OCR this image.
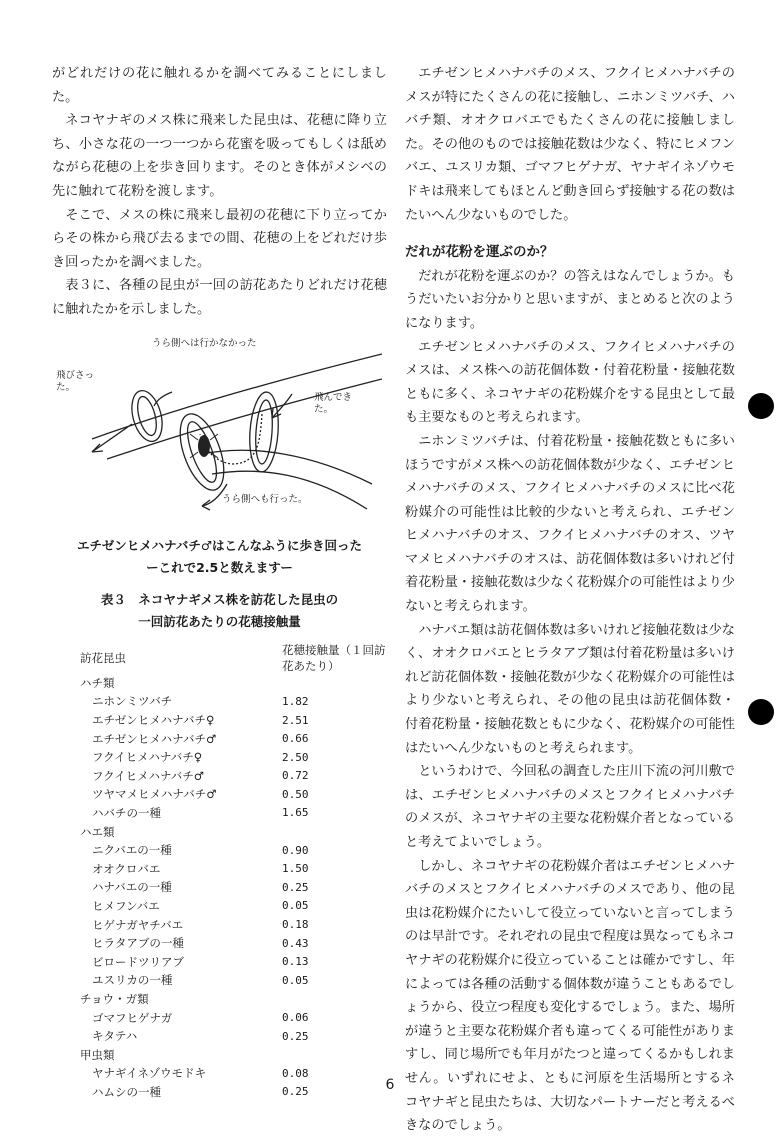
がどれだけの花に触れるかを調べてみることにしました。

ネコヤナギのメス株に飛来した昆虫は、花穂に降り立ち、小さな花の一つ一つから花蜜を吸ってもしくは舐めながら花穂の上を歩き回ります。そのとき体がメシベの先に触れて花粉を渡します。

そこで、メスの株に飛来し最初の花穂に下り立ってからその株から飛び去るまでの間、花穂の上をどれだけ歩き回ったかを調べました。

表３に、各種の昆虫が一回の訪花あたりどれだけ花穂に触れたかを示しました。

うら側へは行かなかった
飛びさった。
飛んできた。
うら側へも行った。
エチゼンヒメハナバチ♂はこんなふうに歩き回った
ーこれで2.5と数えますー
表３　ネコヤナギメス株を訪花した昆虫の
一回訪花あたりの花穂接触量
訪花昆虫	花穂接触量（１回訪花あたり）
ハチ類	
ニホンミツバチ	1.82
エチゼンヒメハナバチ♀	2.51
エチゼンヒメハナバチ♂	0.66
フクイヒメハナバチ♀	2.50
フクイヒメハナバチ♂	0.72
ツヤマメヒメハナバチ♂	0.50
ハバチの一種	1.65
ハエ類	
ニクバエの一種	0.90
オオクロバエ	1.50
ハナバエの一種	0.25
ヒメフンバエ	0.05
ヒゲナガヤチバエ	0.18
ヒラタアブの一種	0.43
ビロードツリアブ	0.13
ユスリカの一種	0.05
チョウ・ガ類	
ゴマフヒゲナガ	0.06
キタテハ	0.25
甲虫類	
ヤナギイネゾウモドキ	0.08
ハムシの一種	0.25

エチゼンヒメハナバチのメス、フクイヒメハナバチのメスが特にたくさんの花に接触し、ニホンミツバチ、ハバチ類、オオクロバエでもたくさんの花に接触しました。その他のものでは接触花数は少なく、特にヒメフンバエ、ユスリカ類、ゴマフヒゲナガ、ヤナギイネゾウモドキは飛来してもほとんど動き回らず接触する花の数はたいへん少ないものでした。

だれが花粉を運ぶのか？

だれが花粉を運ぶのか？の答えはなんでしょうか。もうだいたいお分かりと思いますが、まとめると次のようになります。

エチゼンヒメハナバチのメス、フクイヒメハナバチのメスは、メス株への訪花個体数・付着花粉量・接触花数ともに多く、ネコヤナギの花粉媒介をする昆虫として最も主要なものと考えられます。

ニホンミツバチは、付着花粉量・接触花数ともに多いほうですがメス株への訪花個体数が少なく、エチゼンヒメハナバチのメス、フクイヒメハナバチのメスに比べ花粉媒介の可能性は比較的少ないと考えられ、エチゼンヒメハナバチのオス、フクイヒメハナバチのオス、ツヤマメヒメハナバチのオスは、訪花個体数は多いけれど付着花粉量・接触花数は少なく花粉媒介の可能性はより少ないと考えられます。

ハナバエ類は訪花個体数は多いけれど接触花数は少なく、オオクロバエとヒラタアブ類は付着花粉量は多いけれど訪花個体数・接触花数が少なく花粉媒介の可能性はより少ないと考えられ、その他の昆虫は訪花個体数・付着花粉量・接触花数ともに少なく、花粉媒介の可能性はたいへん少ないものと考えられます。

というわけで、今回私の調査した庄川下流の河川敷では、エチゼンヒメハナバチのメスとフクイヒメハナバチのメスが、ネコヤナギの主要な花粉媒介者となっていると考えてよいでしょう。

しかし、ネコヤナギの花粉媒介者はエチゼンヒメハナバチのメスとフクイヒメハナバチのメスであり、他の昆虫は花粉媒介にたいして役立っていないと言ってしまうのは早計です。それぞれの昆虫で程度は異なってもネコヤナギの花粉媒介に役立っていることは確かですし、年によっては各種の活動する個体数が違うこともあるでしょうから、役立つ程度も変化するでしょう。また、場所が違うと主要な花粉媒介者も違ってくる可能性がありますし、同じ場所でも年月がたつと違ってくるかもしれません。いずれにせよ、ともに河原を生活場所とするネコヤナギと昆虫たちは、大切なパートナーだと考えるべきなのでしょう。

6
